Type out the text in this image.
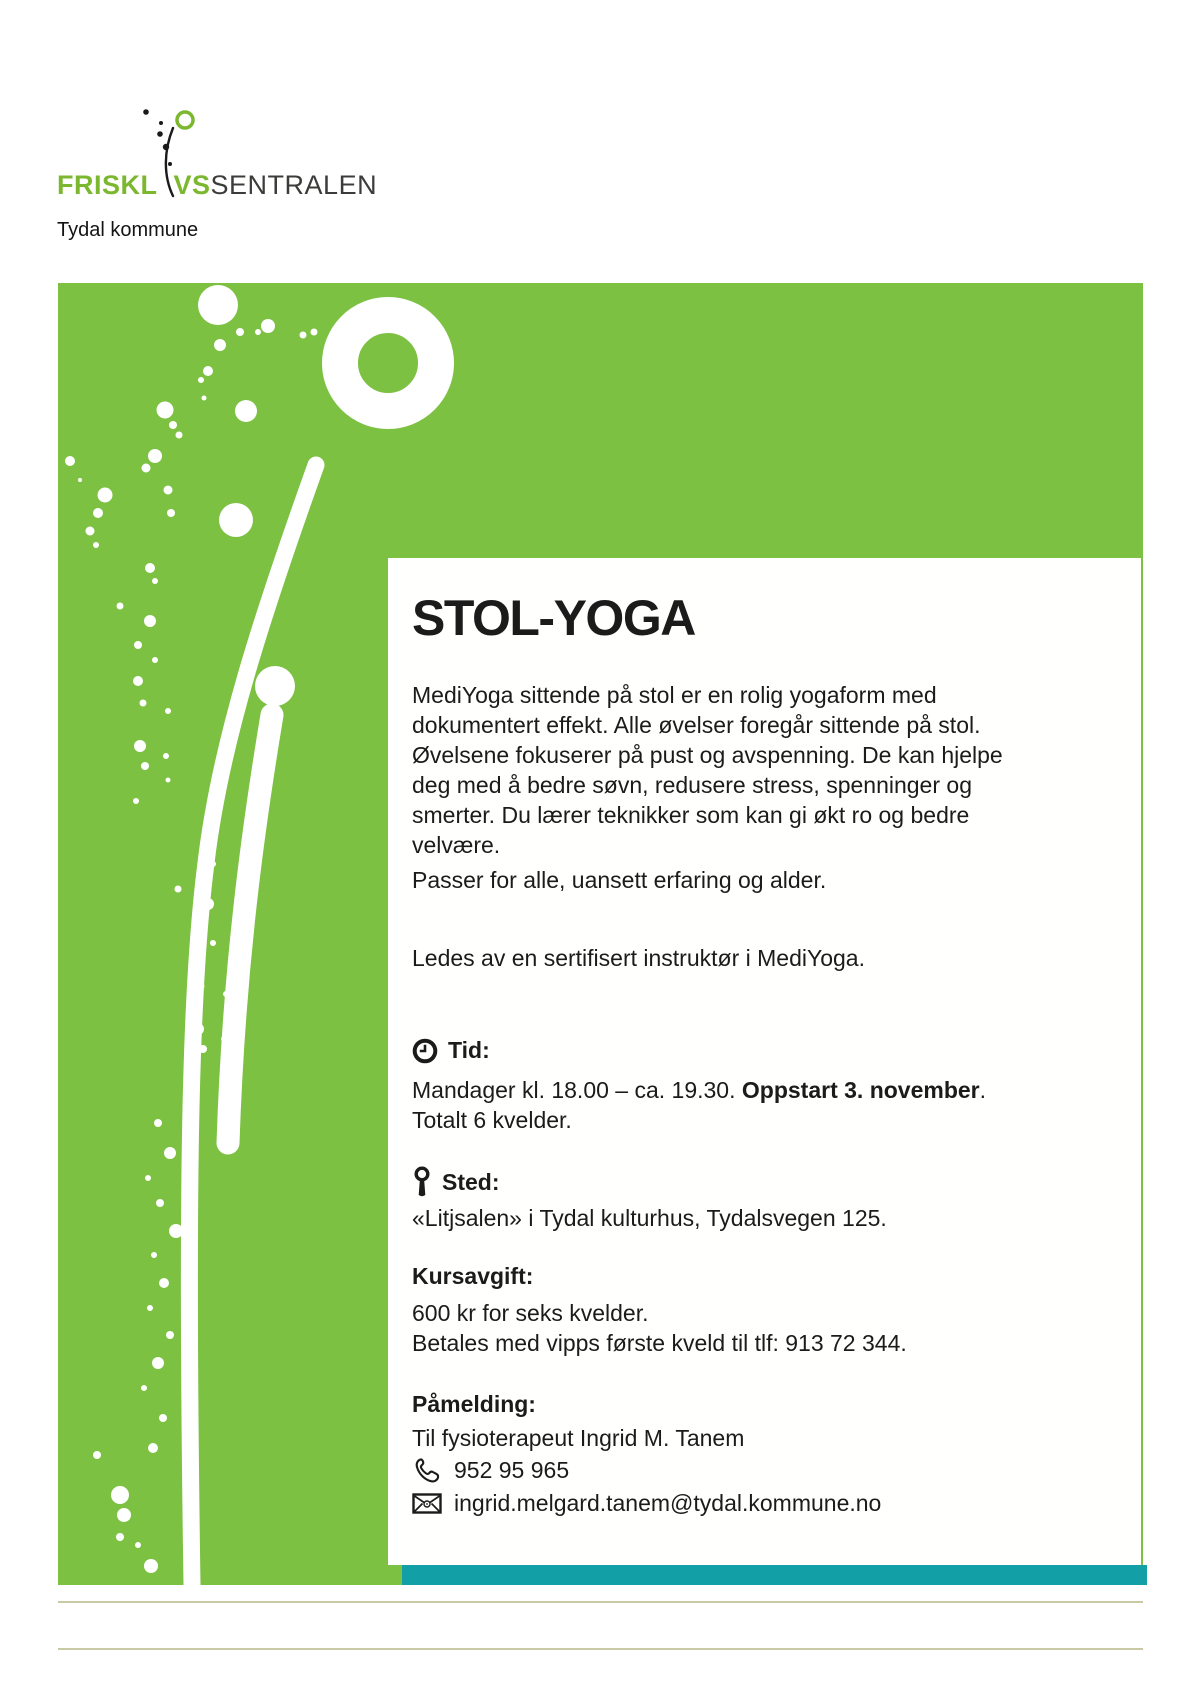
FRISKL VS SENTRALEN
Tydal kommune
STOL-YOGA
MediYoga sittende på stol er en rolig yogaform med
dokumentert effekt. Alle øvelser foregår sittende på stol.
Øvelsene fokuserer på pust og avspenning. De kan hjelpe
deg med å bedre søvn, redusere stress, spenninger og
smerter. Du lærer teknikker som kan gi økt ro og bedre
velvære.
Passer for alle, uansett erfaring og alder.
Ledes av en sertifisert instruktør i MediYoga.
Tid:
Mandager kl. 18.00 – ca. 19.30. Oppstart 3. november.
Totalt 6 kvelder.
Sted:
«Litjsalen» i Tydal kulturhus, Tydalsvegen 125.
Kursavgift:
600 kr for seks kvelder.
Betales med vipps første kveld til tlf: 913 72 344.
Påmelding:
Til fysioterapeut Ingrid M. Tanem
952 95 965
ingrid.melgard.tanem@tydal.kommune.no
